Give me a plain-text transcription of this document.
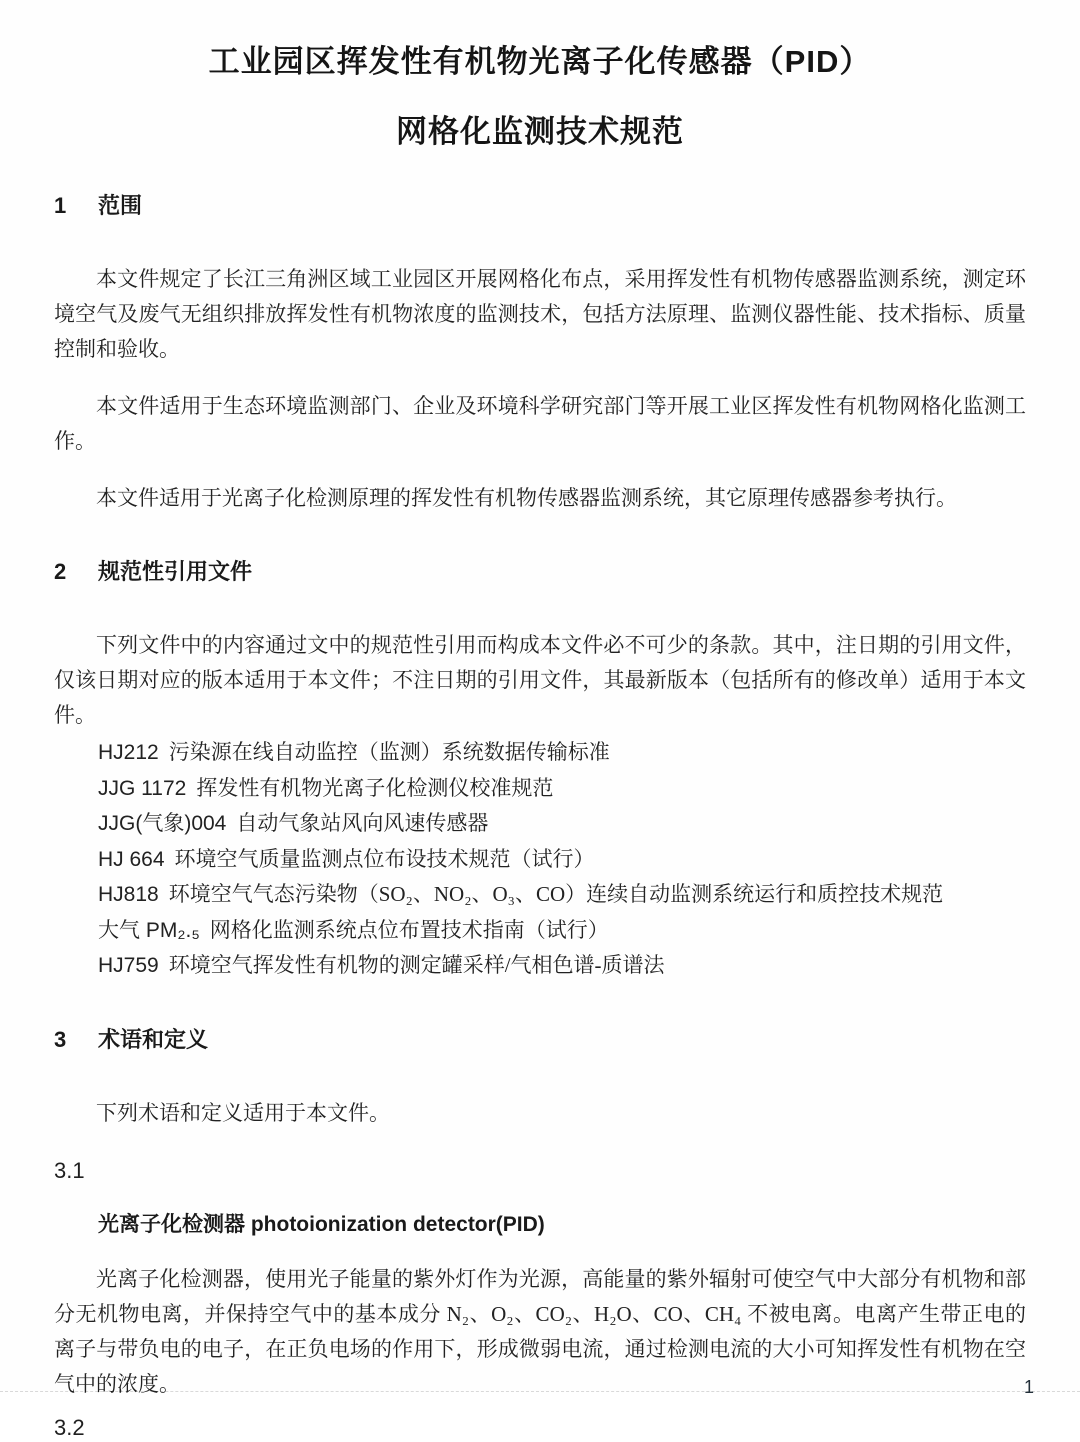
工业园区挥发性有机物光离子化传感器（PID）
网格化监测技术规范
1 范围

本文件规定了长江三角洲区域工业园区开展网格化布点，采用挥发性有机物传感器监测系统，测定环境空气及废气无组织排放挥发性有机物浓度的监测技术，包括方法原理、监测仪器性能、技术指标、质量控制和验收。

本文件适用于生态环境监测部门、企业及环境科学研究部门等开展工业区挥发性有机物网格化监测工作。

本文件适用于光离子化检测原理的挥发性有机物传感器监测系统，其它原理传感器参考执行。

2 规范性引用文件

下列文件中的内容通过文中的规范性引用而构成本文件必不可少的条款。其中，注日期的引用文件，仅该日期对应的版本适用于本文件；不注日期的引用文件，其最新版本（包括所有的修改单）适用于本文件。

HJ212 污染源在线自动监控（监测）系统数据传输标准
JJG 1172 挥发性有机物光离子化检测仪校准规范
JJG(气象)004 自动气象站风向风速传感器
HJ 664 环境空气质量监测点位布设技术规范（试行）
HJ818 环境空气气态污染物（SO₂、NO₂、O₃、CO）连续自动监测系统运行和质控技术规范
大气 PM₂.₅ 网格化监测系统点位布置技术指南（试行）
HJ759 环境空气挥发性有机物的测定罐采样/气相色谱-质谱法
3 术语和定义

下列术语和定义适用于本文件。

3.1
光离子化检测器 photoionization detector(PID)

光离子化检测器，使用光子能量的紫外灯作为光源，高能量的紫外辐射可使空气中大部分有机物和部分无机物电离，并保持空气中的基本成分 N₂、O₂、CO₂、H₂O、CO、CH₄ 不被电离。电离产生带正电的离子与带负电的电子，在正负电场的作用下，形成微弱电流，通过检测电流的大小可知挥发性有机物在空气中的浓度。

3.2
1
